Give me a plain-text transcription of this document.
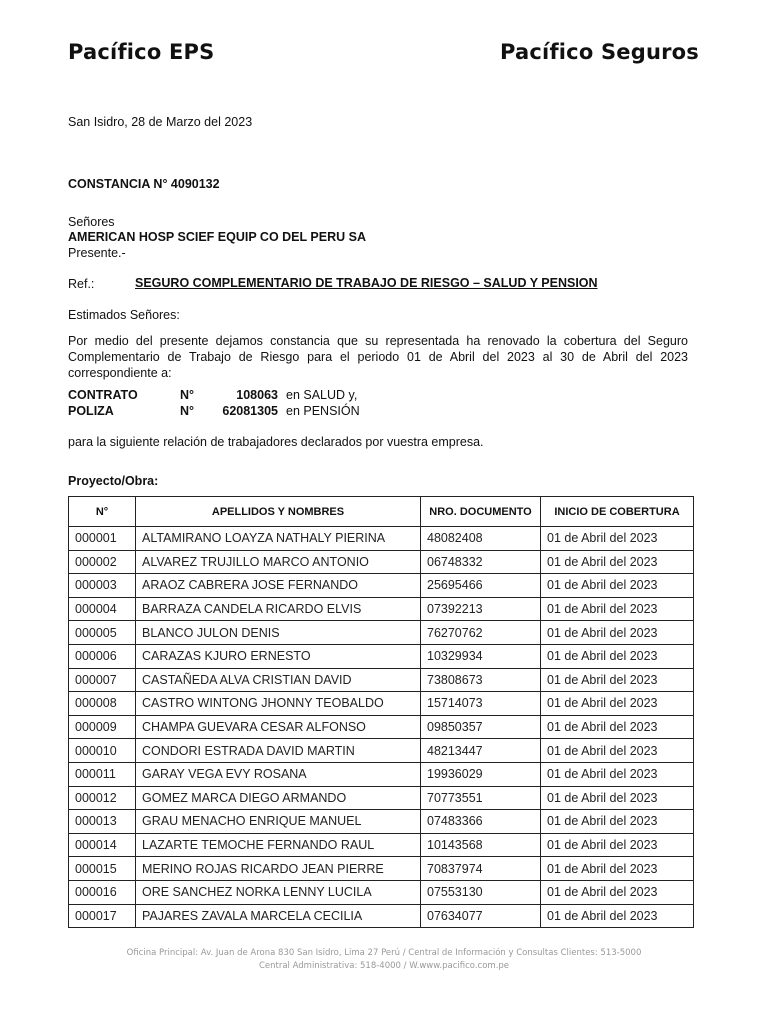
Pacífico EPS	Pacífico Seguros
San Isidro, 28 de Marzo del 2023
CONSTANCIA N° 4090132
Señores
AMERICAN HOSP SCIEF EQUIP CO DEL PERU SA
Presente.-
Ref.:	SEGURO COMPLEMENTARIO DE TRABAJO DE RIESGO – SALUD Y PENSION
Estimados Señores:
Por medio del presente dejamos constancia que su representada ha renovado la cobertura del Seguro Complementario de Trabajo de Riesgo para el periodo 01 de Abril del 2023 al 30 de Abril del 2023 correspondiente a:
CONTRATO	N°	108063 en SALUD y,
POLIZA	N° 62081305 en PENSIÓN
para la siguiente relación de trabajadores declarados por vuestra empresa.
Proyecto/Obra:
N°	APELLIDOS Y NOMBRES	NRO. DOCUMENTO	INICIO DE COBERTURA
000001	ALTAMIRANO LOAYZA NATHALY PIERINA	48082408	01 de Abril del 2023
000002	ALVAREZ TRUJILLO MARCO ANTONIO	06748332	01 de Abril del 2023
000003	ARAOZ CABRERA JOSE FERNANDO	25695466	01 de Abril del 2023
000004	BARRAZA CANDELA RICARDO ELVIS	07392213	01 de Abril del 2023
000005	BLANCO JULON DENIS	76270762	01 de Abril del 2023
000006	CARAZAS KJURO ERNESTO	10329934	01 de Abril del 2023
000007	CASTAÑEDA ALVA CRISTIAN DAVID	73808673	01 de Abril del 2023
000008	CASTRO WINTONG JHONNY TEOBALDO	15714073	01 de Abril del 2023
000009	CHAMPA GUEVARA CESAR ALFONSO	09850357	01 de Abril del 2023
000010	CONDORI ESTRADA DAVID MARTIN	48213447	01 de Abril del 2023
000011	GARAY VEGA EVY ROSANA	19936029	01 de Abril del 2023
000012	GOMEZ MARCA DIEGO ARMANDO	70773551	01 de Abril del 2023
000013	GRAU MENACHO ENRIQUE MANUEL	07483366	01 de Abril del 2023
000014	LAZARTE TEMOCHE FERNANDO RAUL	10143568	01 de Abril del 2023
000015	MERINO ROJAS RICARDO JEAN PIERRE	70837974	01 de Abril del 2023
000016	ORE SANCHEZ NORKA LENNY LUCILA	07553130	01 de Abril del 2023
000017	PAJARES ZAVALA MARCELA CECILIA	07634077	01 de Abril del 2023
Oficina Principal: Av. Juan de Arona 830 San Isidro, Lima 27 Perú / Central de Información y Consultas Clientes: 513-5000
Central Administrativa: 518-4000 / W.www.pacifico.com.pe
